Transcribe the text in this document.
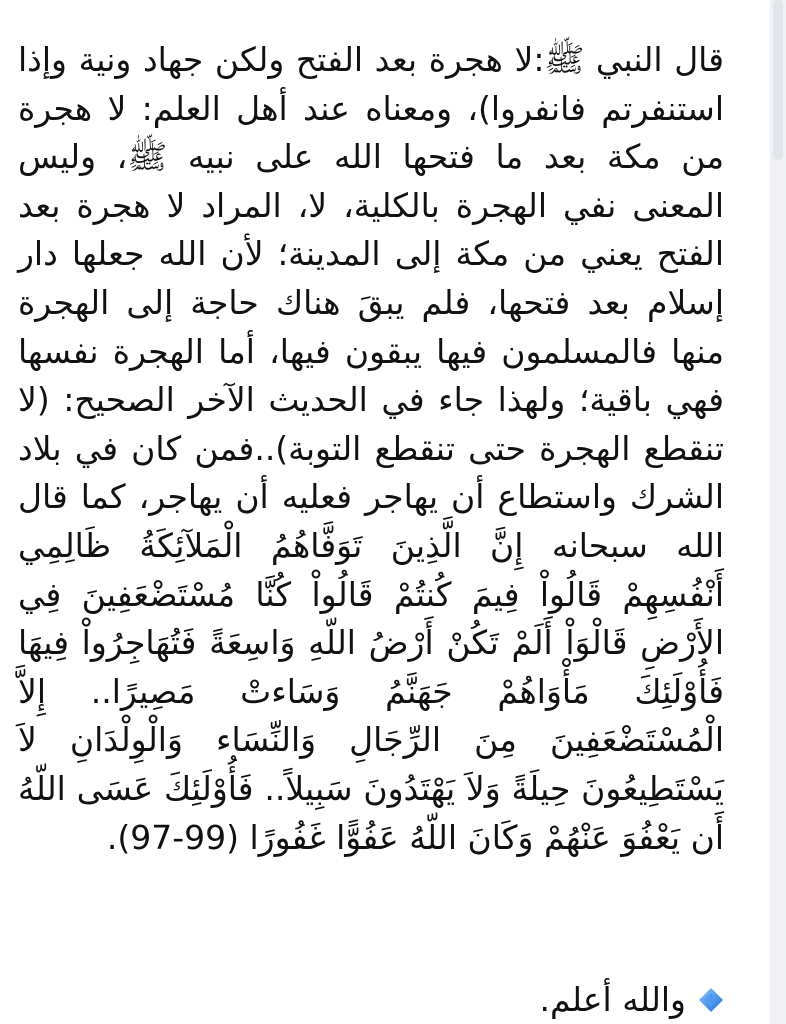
قال النبي ﷺ:لا هجرة بعد الفتح ولكن جهاد ونية وإذا استنفرتم فانفروا)، ومعناه عند أهل العلم: لا هجرة من مكة بعد ما فتحها الله على نبيه ﷺ، وليس المعنى نفي الهجرة بالكلية، لا، المراد لا هجرة بعد الفتح يعني من مكة إلى المدينة؛ لأن الله جعلها دار إسلام بعد فتحها، فلم يبقَ هناك حاجة إلى الهجرة منها فالمسلمون فيها يبقون فيها، أما الهجرة نفسها فهي باقية؛ ولهذا جاء في الحديث الآخر الصحيح: (لا تنقطع الهجرة حتى تنقطع التوبة)..فمن كان في بلاد الشرك واستطاع أن يهاجر فعليه أن يهاجر، كما قال الله سبحانه إِنَّ الَّذِينَ تَوَفَّاهُمُ الْمَلآئِكَةُ ظَالِمِي أَنْفُسِهِمْ قَالُواْ فِيمَ كُنتُمْ قَالُواْ كُنَّا مُسْتَضْعَفِينَ فِي الأَرْضِ قَالْوَاْ أَلَمْ تَكُنْ أَرْضُ اللّهِ وَاسِعَةً فَتُهَاجِرُواْ فِيهَا فَأُوْلَئِكَ مَأْوَاهُمْ جَهَنَّمُ وَسَاءتْ مَصِيرًا.. إِلاَّ الْمُسْتَضْعَفِينَ مِنَ الرِّجَالِ وَالنِّسَاء وَالْوِلْدَانِ لاَ يَسْتَطِيعُونَ حِيلَةً وَلاَ يَهْتَدُونَ سَبِيلاً.. فَأُوْلَئِكَ عَسَى اللّهُ أَن يَعْفُوَ عَنْهُمْ وَكَانَ اللّهُ عَفُوًّا غَفُورًا (99-97).

والله أعلم.
